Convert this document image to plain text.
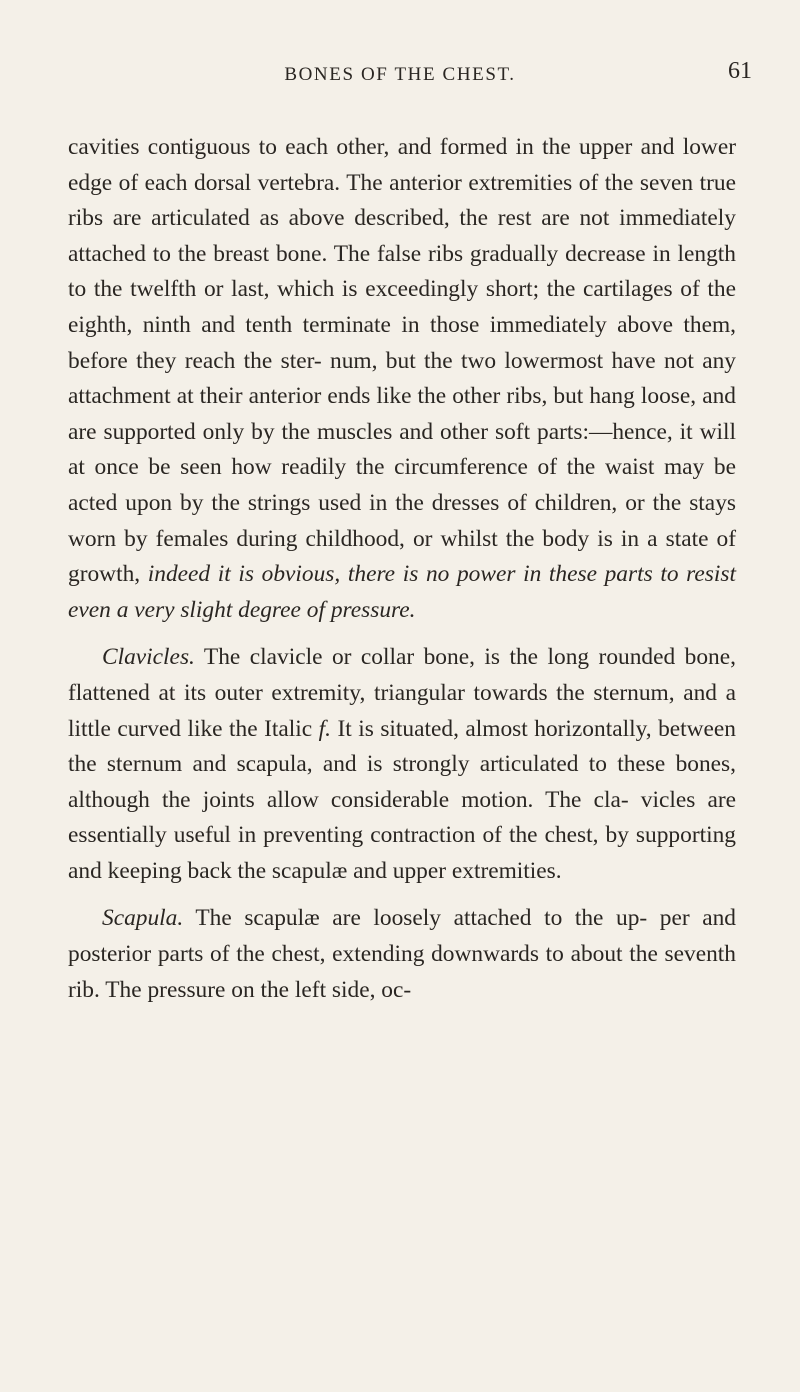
BONES OF THE CHEST.	61

cavities contiguous to each other, and formed in the upper and lower edge of each dorsal vertebra. The anterior extremities of the seven true ribs are articulated as above described, the rest are not immediately attached to the breast bone. The false ribs gradually decrease in length to the twelfth or last, which is exceedingly short; the cartilages of the eighth, ninth and tenth terminate in those immediately above them, before they reach the ster- num, but the two lowermost have not any attachment at their anterior ends like the other ribs, but hang loose, and are supported only by the muscles and other soft parts:—hence, it will at once be seen how readily the circumference of the waist may be acted upon by the strings used in the dresses of children, or the stays worn by females during childhood, or whilst the body is in a state of growth, indeed it is obvious, there is no power in these parts to resist even a very slight degree of pressure.

Clavicles. The clavicle or collar bone, is the long rounded bone, flattened at its outer extremity, triangular towards the sternum, and a little curved like the Italic f. It is situated, almost horizontally, between the sternum and scapula, and is strongly articulated to these bones, although the joints allow considerable motion. The cla- vicles are essentially useful in preventing contraction of the chest, by supporting and keeping back the scapulæ and upper extremities.

Scapula. The scapulæ are loosely attached to the up- per and posterior parts of the chest, extending downwards to about the seventh rib. The pressure on the left side, oc-
